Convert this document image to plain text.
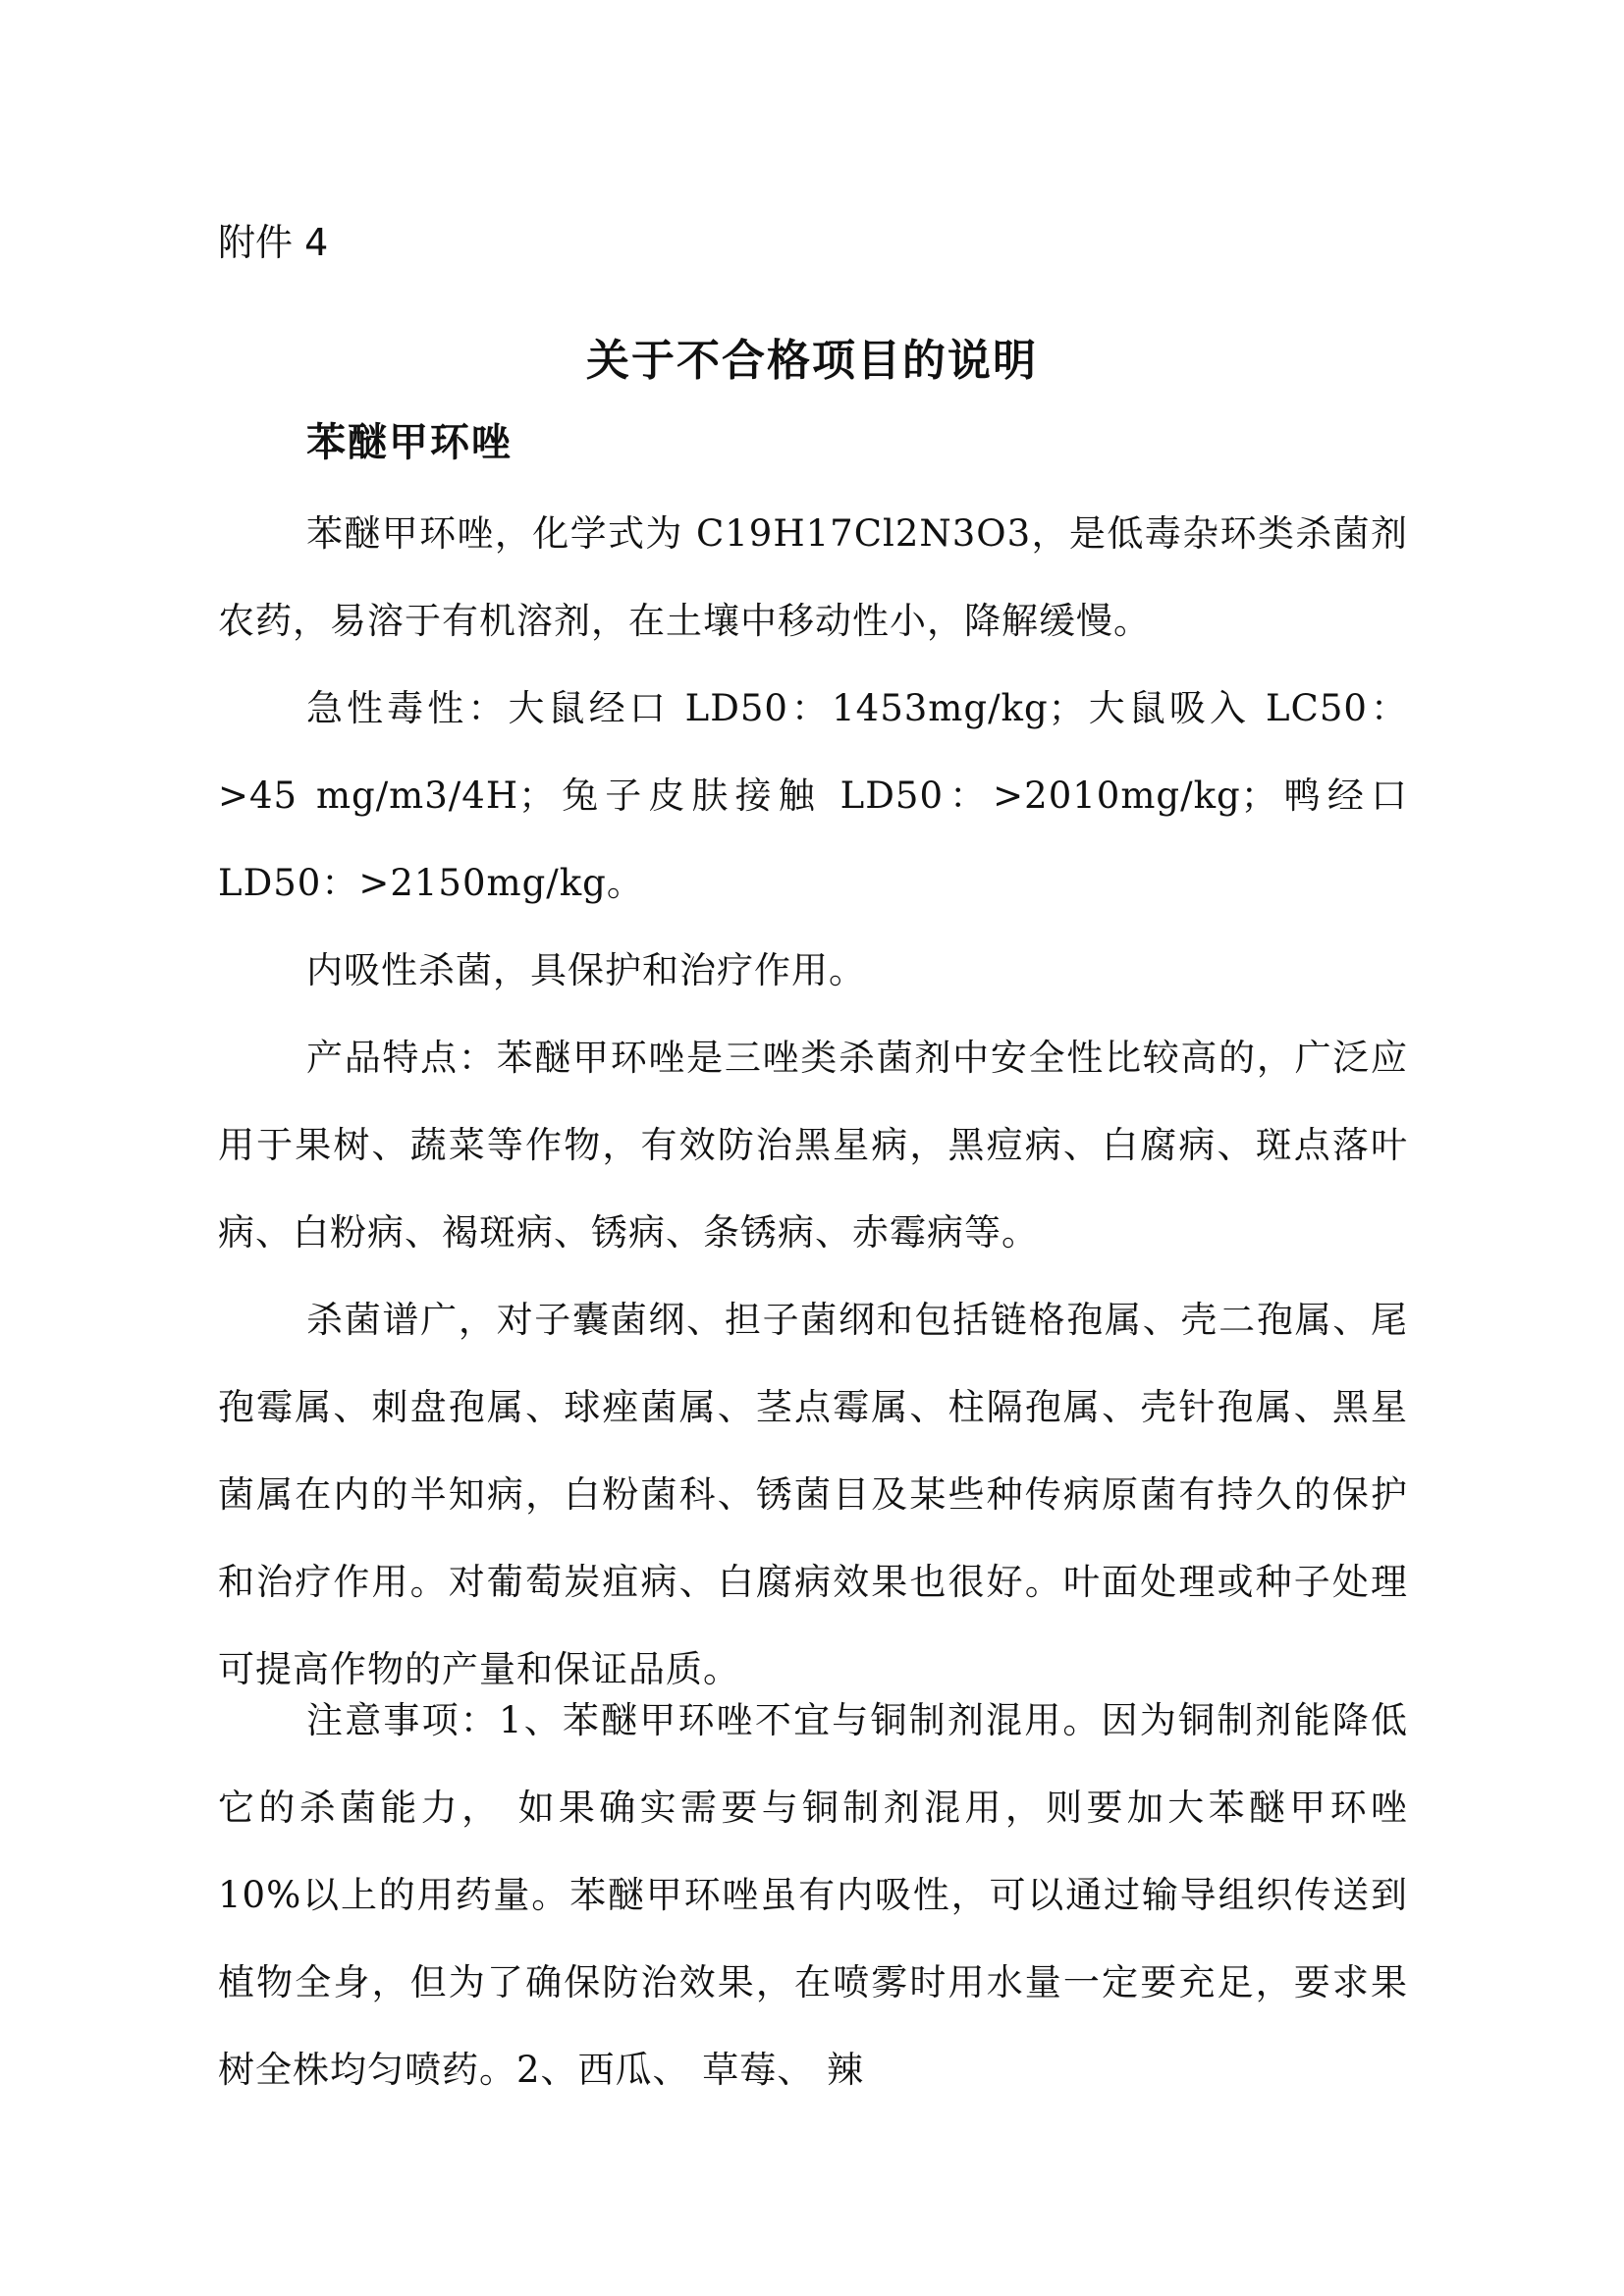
附件 4
关于不合格项目的说明
苯醚甲环唑

苯醚甲环唑，化学式为 C19H17Cl2N3O3，是低毒杂环类杀菌剂农药，易溶于有机溶剂，在土壤中移动性小，降解缓慢。

急性毒性：大鼠经口 LD50：1453mg/kg；大鼠吸入 LC50：>45 mg/m3/4H；兔子皮肤接触 LD50：>2010mg/kg；鸭经口 LD50：>2150mg/kg。

内吸性杀菌，具保护和治疗作用。

产品特点：苯醚甲环唑是三唑类杀菌剂中安全性比较高的，广泛应用于果树、蔬菜等作物，有效防治黑星病，黑痘病、白腐病、斑点落叶病、白粉病、褐斑病、锈病、条锈病、赤霉病等。

杀菌谱广，对子囊菌纲、担子菌纲和包括链格孢属、壳二孢属、尾孢霉属、刺盘孢属、球痤菌属、茎点霉属、柱隔孢属、壳针孢属、黑星菌属在内的半知病，白粉菌科、锈菌目及某些种传病原菌有持久的保护和治疗作用。对葡萄炭疽病、白腐病效果也很好。叶面处理或种子处理可提高作物的产量和保证品质。

注意事项：1、苯醚甲环唑不宜与铜制剂混用。因为铜制剂能降低它的杀菌能力， 如果确实需要与铜制剂混用，则要加大苯醚甲环唑 10%以上的用药量。苯醚甲环唑虽有内吸性，可以通过输导组织传送到植物全身，但为了确保防治效果，在喷雾时用水量一定要充足，要求果树全株均匀喷药。2、西瓜、 草莓、 辣
